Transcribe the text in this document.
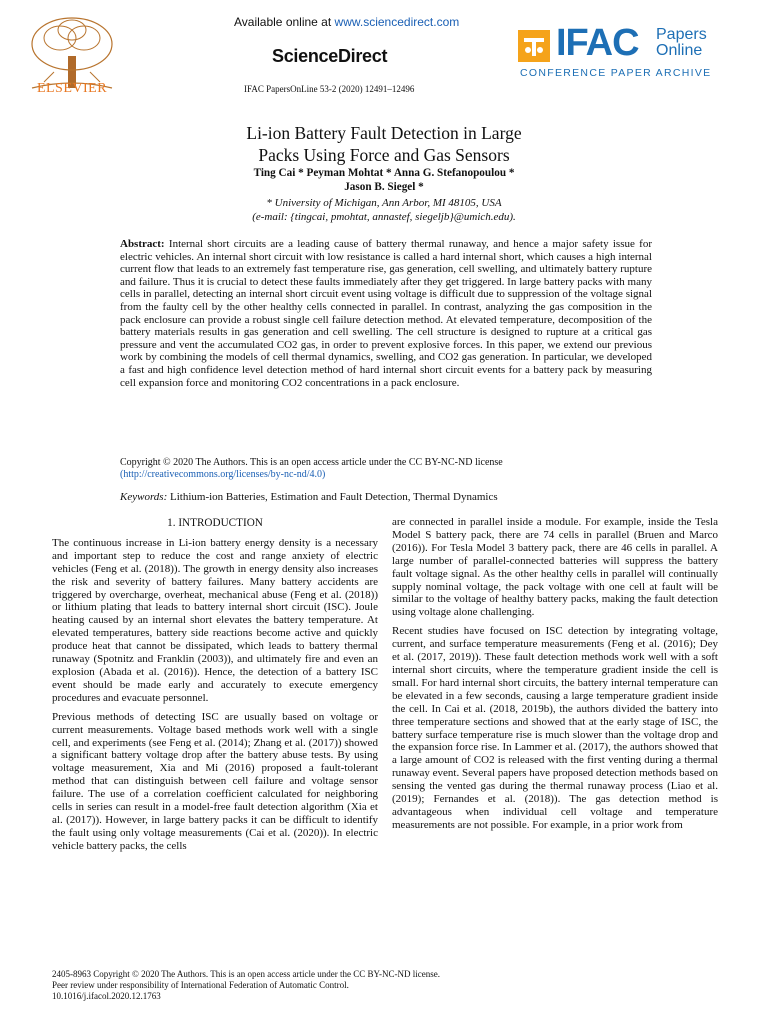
ELSEVIER
Available online at www.sciencedirect.com
ScienceDirect
IFAC PapersOnLine 53-2 (2020) 12491–12496
IFAC Papers
Online
CONFERENCE PAPER ARCHIVE
Li-ion Battery Fault Detection in Large
Packs Using Force and Gas Sensors
Ting Cai * Peyman Mohtat * Anna G. Stefanopoulou *
Jason B. Siegel *
* University of Michigan, Ann Arbor, MI 48105, USA
(e-mail: {tingcai, pmohtat, annastef, siegeljb}@umich.edu).
Abstract: Internal short circuits are a leading cause of battery thermal runaway, and hence a major safety issue for electric vehicles. An internal short circuit with low resistance is called a hard internal short, which causes a high internal current flow that leads to an extremely fast temperature rise, gas generation, cell swelling, and ultimately battery rupture and failure. Thus it is crucial to detect these faults immediately after they get triggered. In large battery packs with many cells in parallel, detecting an internal short circuit event using voltage is difficult due to suppression of the voltage signal from the faulty cell by the other healthy cells connected in parallel. In contrast, analyzing the gas composition in the pack enclosure can provide a robust single cell failure detection method. At elevated temperature, decomposition of the battery materials results in gas generation and cell swelling. The cell structure is designed to rupture at a critical gas pressure and vent the accumulated CO2 gas, in order to prevent explosive forces. In this paper, we extend our previous work by combining the models of cell thermal dynamics, swelling, and CO2 gas generation. In particular, we developed a fast and high confidence level detection method of hard internal short circuit events for a battery pack by measuring cell expansion force and monitoring CO2 concentrations in a pack enclosure.
Copyright © 2020 The Authors. This is an open access article under the CC BY-NC-ND license
(http://creativecommons.org/licenses/by-nc-nd/4.0)
Keywords: Lithium-ion Batteries, Estimation and Fault Detection, Thermal Dynamics
1. INTRODUCTION

The continuous increase in Li-ion battery energy density is a necessary and important step to reduce the cost and range anxiety of electric vehicles (Feng et al. (2018)). The growth in energy density also increases the risk and severity of battery failures. Many battery accidents are triggered by overcharge, overheat, mechanical abuse (Feng et al. (2018)) or lithium plating that leads to battery internal short circuit (ISC). Joule heating caused by an internal short elevates the battery temperature. At elevated temperatures, battery side reactions become active and quickly produce heat that cannot be dissipated, which leads to battery thermal runaway (Spotnitz and Franklin (2003)), and ultimately fire and even an explosion (Abada et al. (2016)). Hence, the detection of a battery ISC event should be made early and accurately to execute emergency procedures and evacuate personnel.

Previous methods of detecting ISC are usually based on voltage or current measurements. Voltage based methods work well with a single cell, and experiments (see Feng et al. (2014); Zhang et al. (2017)) showed a significant battery voltage drop after the battery abuse tests. By using voltage measurement, Xia and Mi (2016) proposed a fault-tolerant method that can distinguish between cell failure and voltage sensor failure. The use of a correlation coefficient calculated for neighboring cells in series can result in a model-free fault detection algorithm (Xia et al. (2017)). However, in large battery packs it can be difficult to identify the fault using only voltage measurements (Cai et al. (2020)). In electric vehicle battery packs, the cells

are connected in parallel inside a module. For example, inside the Tesla Model S battery pack, there are 74 cells in parallel (Bruen and Marco (2016)). For Tesla Model 3 battery pack, there are 46 cells in parallel. A large number of parallel-connected batteries will suppress the battery fault voltage signal. As the other healthy cells in parallel will continually supply nominal voltage, the pack voltage with one cell at fault will be similar to the voltage of healthy battery packs, making the fault detection using voltage alone challenging.

Recent studies have focused on ISC detection by integrating voltage, current, and surface temperature measurements (Feng et al. (2016); Dey et al. (2017, 2019)). These fault detection methods work well with a soft internal short circuits, where the temperature gradient inside the cell is small. For hard internal short circuits, the battery internal temperature can be elevated in a few seconds, causing a large temperature gradient inside the cell. In Cai et al. (2018, 2019b), the authors divided the battery into three temperature sections and showed that at the early stage of ISC, the battery surface temperature rise is much slower than the voltage drop and the expansion force rise. In Lammer et al. (2017), the authors showed that a large amount of CO2 is released with the first venting during a thermal runaway event. Several papers have proposed detection methods based on sensing the vented gas during the thermal runaway process (Liao et al. (2019); Fernandes et al. (2018)). The gas detection method is advantageous when individual cell voltage and temperature measurements are not possible. For example, in a prior work from

2405-8963 Copyright © 2020 The Authors. This is an open access article under the CC BY-NC-ND license.
Peer review under responsibility of International Federation of Automatic Control.
10.1016/j.ifacol.2020.12.1763
